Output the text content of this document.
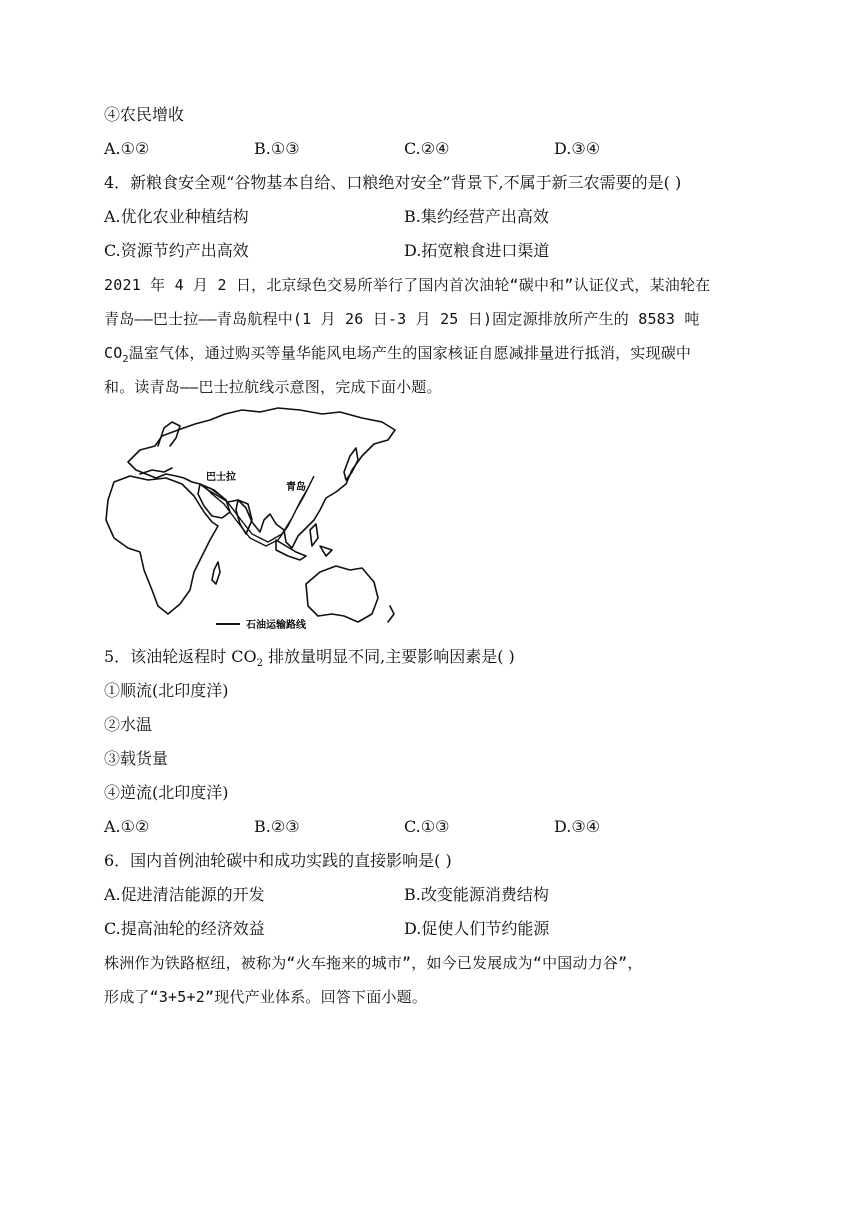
④农民增收
A.①②	B.①③	C.②④	D.③④
4．新粮食安全观“谷物基本自给、口粮绝对安全”背景下,不属于新三农需要的是( )
A.优化农业种植结构	B.集约经营产出高效
C.资源节约产出高效	D.拓宽粮食进口渠道
2021 年 4 月 2 日，北京绿色交易所举行了国内首次油轮“碳中和”认证仪式，某油轮在
青岛——巴士拉——青岛航程中(1 月 26 日-3 月 25 日)固定源排放所产生的 8583 吨
$CO_2$温室气体，通过购买等量华能风电场产生的国家核证自愿减排量进行抵消，实现碳中
和。读青岛——巴士拉航线示意图，完成下面小题。
巴士拉
青岛
石油运输路线
5．该油轮返程时 $CO_2$ 排放量明显不同,主要影响因素是( )
①顺流(北印度洋)
②水温
③载货量
④逆流(北印度洋)
A.①②	B.②③	C.①③	D.③④
6．国内首例油轮碳中和成功实践的直接影响是( )
A.促进清洁能源的开发	B.改变能源消费结构
C.提高油轮的经济效益	D.促使人们节约能源
株洲作为铁路枢纽，被称为“火车拖来的城市”，如今已发展成为“中国动力谷”，
形成了“3+5+2”现代产业体系。回答下面小题。
